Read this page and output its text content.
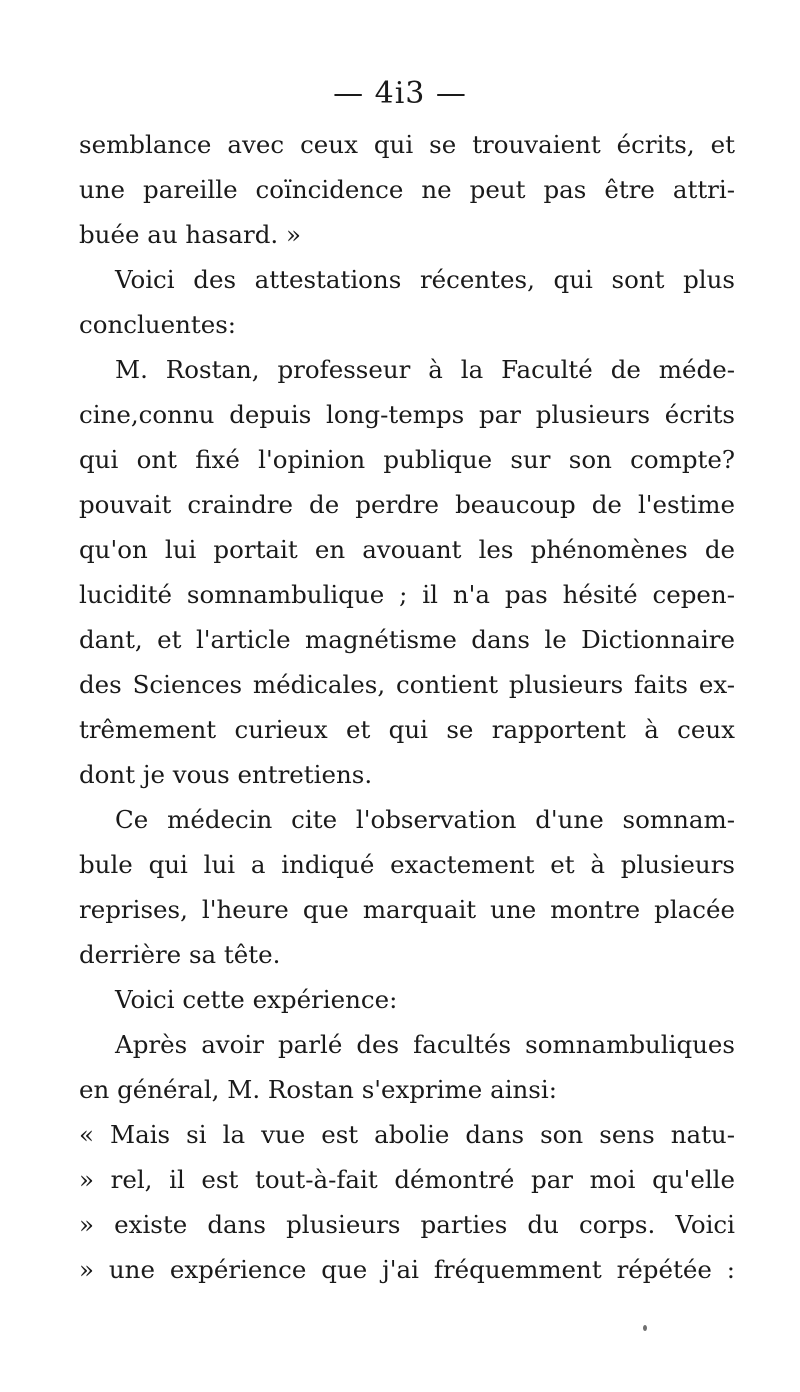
— 4i3 —
semblance avec ceux qui se trouvaient écrits, et
une pareille coïncidence ne peut pas être attri-
buée au hasard. »
Voici des attestations récentes, qui sont plus
concluentes:
M. Rostan, professeur à la Faculté de méde-
cine,connu depuis long-temps par plusieurs écrits
qui ont fixé l'opinion publique sur son compte?
pouvait craindre de perdre beaucoup de l'estime
qu'on lui portait en avouant les phénomènes de
lucidité somnambulique ; il n'a pas hésité cepen-
dant, et l'article magnétisme dans le Dictionnaire
des Sciences médicales, contient plusieurs faits ex-
trêmement curieux et qui se rapportent à ceux
dont je vous entretiens.
Ce médecin cite l'observation d'une somnam-
bule qui lui a indiqué exactement et à plusieurs
reprises, l'heure que marquait une montre placée
derrière sa tête.
Voici cette expérience:
Après avoir parlé des facultés somnambuliques
en général, M. Rostan s'exprime ainsi:
« Mais si la vue est abolie dans son sens natu-
» rel, il est tout-à-fait démontré par moi qu'elle
» existe dans plusieurs parties du corps. Voici
» une expérience que j'ai fréquemment répétée :
